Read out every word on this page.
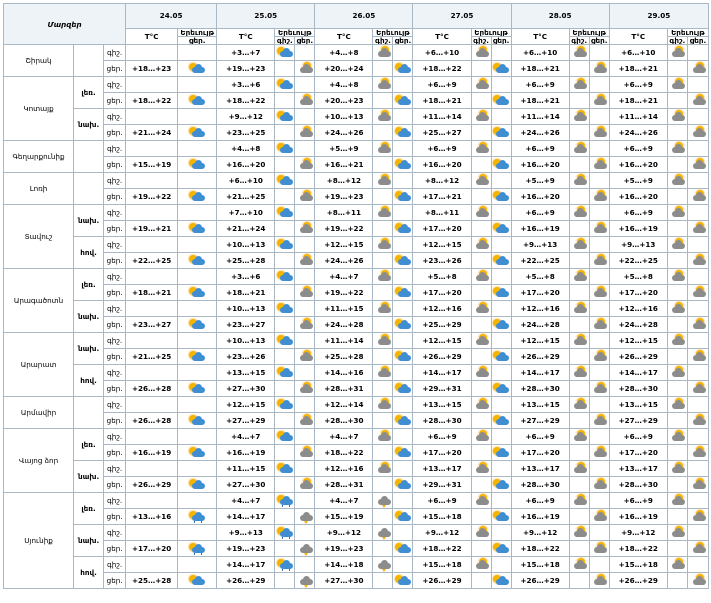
Մարզեր			24.05		25.05			26.05			27.05			28.05			29.05		
			T°C	Երեւույթ	T°C	Երեւույթ		T°C	Երեւույթ		T°C	Երեւույթ		T°C	Երեւույթ		T°C	Երեւույթ	
				ցեր.		գիշ.	ցեր.		գիշ.	ցեր.		գիշ.	ցեր.		գիշ.	ցեր.		գիշ.	ցեր.
Շիրակ		գիշ.			+3…+7			+4…+8			+6…+10			+6…+10			+6…+10	

		ցեր.	+18…+23		+19…+23			+20…+24			+18…+22			+18…+21			+18…+21		

Կոտայք	լեռ.	գիշ.			+3…+6			+4…+8			+6…+9			+6…+9			+6…+9	

		ցեր.	+18…+22		+18…+22			+20…+23			+18…+21			+18…+21			+18…+21		

	նախ.	գիշ.			+9…+12			+10…+13			+11…+14			+11…+14			+11…+14	

		ցեր.	+21…+24		+23…+25			+24…+26			+25…+27			+24…+26			+24…+26		

Գեղարքունիք		գիշ.			+4…+8			+5…+9			+6…+9			+6…+9			+6…+9	

		ցեր.	+15…+19		+16…+20			+16…+21			+16…+20			+16…+20			+16…+20		

Լոռի		գիշ.			+6…+10			+8…+12			+8…+12			+5…+9			+5…+9	

		ցեր.	+19…+22		+21…+25			+19…+23			+17…+21			+16…+20			+16…+20		

Տավուշ	նախ.	գիշ.			+7…+10			+8…+11			+8…+11			+6…+9			+6…+9	

		ցեր.	+19…+21		+21…+24			+19…+22			+17…+20			+16…+19			+16…+19		

	հով.	գիշ.			+10…+13			+12…+15			+12…+15			+9…+13			+9…+13	

		ցեր.	+22…+25		+25…+28			+24…+26			+23…+26			+22…+25			+22…+25		

Արագածոտն	լեռ.	գիշ.			+3…+6			+4…+7			+5…+8			+5…+8			+5…+8	

		ցեր.	+18…+21		+18…+21			+19…+22			+17…+20			+17…+20			+17…+20		

	նախ.	գիշ.			+10…+13			+11…+15			+12…+16			+12…+16			+12…+16	

		ցեր.	+23…+27		+23…+27			+24…+28			+25…+29			+24…+28			+24…+28		

Արարատ	նախ.	գիշ.			+10…+13			+11…+14			+12…+15			+12…+15			+12…+15	

		ցեր.	+21…+25		+23…+26			+25…+28			+26…+29			+26…+29			+26…+29		

	հով.	գիշ.			+13…+15			+14…+16			+14…+17			+14…+17			+14…+17	

		ցեր.	+26…+28		+27…+30			+28…+31			+29…+31			+28…+30			+28…+30		

Արմավիր		գիշ.			+12…+15			+12…+14			+13…+15			+13…+15			+13…+15	

		ցեր.	+26…+28		+27…+29			+28…+30			+28…+30			+27…+29			+27…+29		

Վայոց ձոր	լեռ.	գիշ.			+4…+7			+4…+7			+6…+9			+6…+9			+6…+9	

		ցեր.	+16…+19		+16…+19			+18…+22			+17…+20			+17…+20			+17…+20		

	նախ.	գիշ.			+11…+15			+12…+16			+13…+17			+13…+17			+13…+17	

		ցեր.	+26…+29		+27…+30			+28…+31			+29…+31			+28…+30			+28…+30		

Սյունիք	լեռ.	գիշ.			+4…+7			+4…+7			+6…+9			+6…+9			+6…+9	

		ցեր.	+13…+16		+14…+17			+15…+19			+15…+18			+16…+19			+16…+19		

	նախ.	գիշ.			+9…+13			+9…+12			+9…+12			+9…+12			+9…+12	

		ցեր.	+17…+20		+19…+23			+19…+23			+18…+22			+18…+22			+18…+22		

	հով.	գիշ.			+14…+17			+14…+18			+15…+18			+15…+18			+15…+18	

		ցեր.	+25…+28		+26…+29			+27…+30			+26…+29			+26…+29			+26…+29		
